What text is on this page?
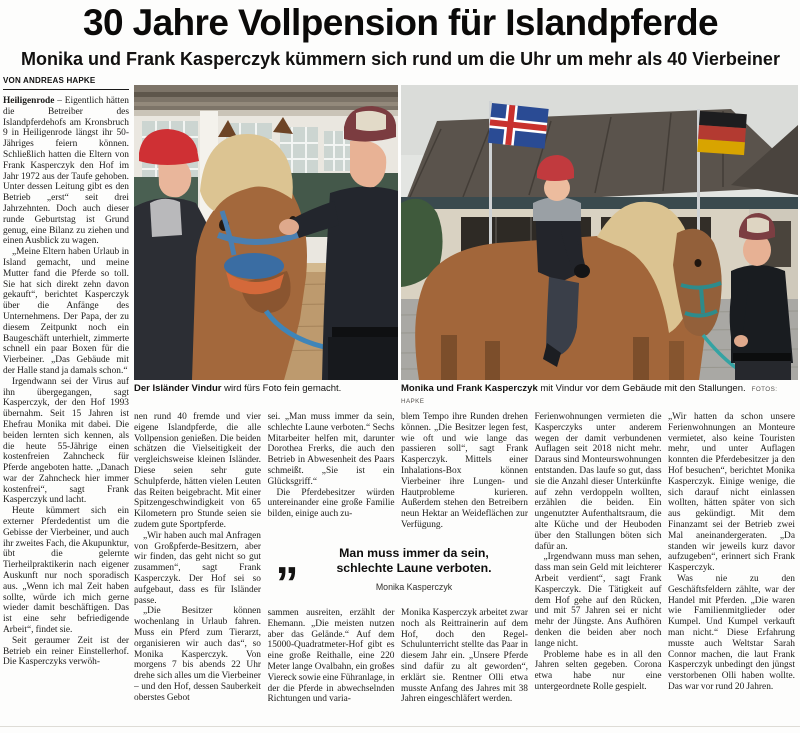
30 Jahre Vollpension für Islandpferde
Monika und Frank Kasperczyk kümmern sich rund um die Uhr um mehr als 40 Vierbeiner
VON ANDREAS HAPKE

Heiligenrode – Eigentlich hätten die Betreiber des Islandpferdehofs am Kronsbruch 9 in Heiligenrode längst ihr 50-Jähriges feiern können. Schließlich hatten die Eltern von Frank Kasperczyk den Hof im Jahr 1972 aus der Taufe gehoben. Unter dessen Leitung gibt es den Betrieb „erst“ seit drei Jahrzehnten. Doch auch dieser runde Geburtstag ist Grund genug, eine Bilanz zu ziehen und einen Ausblick zu wagen.

„Meine Eltern haben Urlaub in Island gemacht, und meine Mutter fand die Pferde so toll. Sie hat sich direkt zehn davon gekauft“, berichtet Kasperczyk über die Anfänge des Unternehmens. Der Papa, der zu diesem Zeitpunkt noch ein Baugeschäft unterhielt, zimmerte schnell ein paar Boxen für die Vierbeiner. „Das Gebäude mit der Halle stand ja damals schon.“

Irgendwann sei der Virus auf ihn übergegangen, sagt Kasperczyk, der den Hof 1993 übernahm. Seit 15 Jahren ist Ehefrau Monika mit dabei. Die beiden lernten sich kennen, als die heute 55-Jährige einen kostenfreien Zahncheck für Pferde angeboten hatte. „Danach war der Zahncheck hier immer kostenfrei“, sagt Frank Kasperczyk und lacht.

Heute kümmert sich ein externer Pferdedentist um die Gebisse der Vierbeiner, und auch ihr zweites Fach, die Akupunktur, übt die gelernte Tierheilpraktikerin nach eigener Auskunft nur noch sporadisch aus. „Wenn ich mal Zeit haben sollte, würde ich mich gerne wieder damit beschäftigen. Das ist eine sehr befriedigende Arbeit“, findet sie.

Seit geraumer Zeit ist der Betrieb ein reiner Einstellerhof. Die Kasperczyks verwöh-

Der Isländer Vindur wird fürs Foto fein gemacht.	Monika und Frank Kasperczyk mit Vindur vor dem Gebäude mit den Stallungen. FOTOS: HAPKE

nen rund 40 fremde und vier eigene Islandpferde, die alle Vollpension genießen. Die beiden schätzen die Vielseitigkeit der vergleichsweise kleinen Isländer. Diese seien sehr gute Schulpferde, hätten vielen Leuten das Reiten beigebracht. Mit einer Spitzengeschwindigkeit von 65 Kilometern pro Stunde seien sie zudem gute Sportpferde.

„Wir haben auch mal Anfragen von Großpferde-Besitzern, aber wir finden, das geht nicht so gut zusammen“, sagt Frank Kasperczyk. Der Hof sei so aufgebaut, dass es für Isländer passe.

„Die Besitzer können wochenlang in Urlaub fahren. Muss ein Pferd zum Tierarzt, organisieren wir auch das“, so Monika Kasperczyk. Von morgens 7 bis abends 22 Uhr drehe sich alles um die Vierbeiner – und den Hof, dessen Sauberkeit oberstes Gebot

sei. „Man muss immer da sein, schlechte Laune verboten.“ Sechs Mitarbeiter helfen mit, darunter Dorothea Frerks, die auch den Betrieb in Abwesenheit des Paars schmeißt. „Sie ist ein Glücksgriff.“

Die Pferdebesitzer würden untereinander eine große Familie bilden, einige auch zu-

sammen ausreiten, erzählt der Ehemann. „Die meisten nutzen aber das Gelände.“ Auf dem 15000-Quadratmeter-Hof gibt es eine große Reithalle, eine 220 Meter lange Ovalbahn, ein großes Viereck sowie eine Führanlage, in der die Pferde in abwechselnden Richtungen und varia-

blem Tempo ihre Runden drehen können. „Die Besitzer legen fest, wie oft und wie lange das passieren soll“, sagt Frank Kasperczyk. Mittels einer Inhalations-Box können Vierbeiner ihre Lungen- und Hautprobleme kurieren. Außerdem stehen den Betreibern neun Hektar an Weideflächen zur Verfügung.

Monika Kasperczyk arbeitet zwar noch als Reittrainerin auf dem Hof, doch den Regel-Schulunterricht stellte das Paar in diesem Jahr ein. „Unsere Pferde sind dafür zu alt geworden“, erklärt sie. Rentner Olli etwa musste Anfang des Jahres mit 38 Jahren eingeschläfert werden.

Ferienwohnungen vermieten die Kasperczyks unter anderem wegen der damit verbundenen Auflagen seit 2018 nicht mehr. Daraus sind Monteurswohnungen entstanden. Das laufe so gut, dass sie die Anzahl dieser Unterkünfte auf zehn verdoppeln wollten, erzählen die beiden. Ein ungenutzter Aufenthaltsraum, die alte Küche und der Heuboden über den Stallungen böten sich dafür an.

„Irgendwann muss man sehen, dass man sein Geld mit leichterer Arbeit verdient“, sagt Frank Kasperczyk. Die Tätigkeit auf dem Hof gehe auf den Rücken, und mit 57 Jahren sei er nicht mehr der Jüngste. Ans Aufhören denken die beiden aber noch lange nicht.

Probleme habe es in all den Jahren selten gegeben. Corona etwa habe nur eine untergeordnete Rolle gespielt.

„Wir hatten da schon unsere Ferienwohnungen an Monteure vermietet, also keine Touristen mehr, und unter Auflagen konnten die Pferdebesitzer ja den Hof besuchen“, berichtet Monika Kasperczyk. Einige wenige, die sich darauf nicht einlassen wollten, hätten später von sich aus gekündigt. Mit dem Finanzamt sei der Betrieb zwei Mal aneinandergeraten. „Da standen wir jeweils kurz davor aufzugeben“, erinnert sich Frank Kasperczyk.

Was nie zu den Geschäftsfeldern zählte, war der Handel mit Pferden. „Die waren wie Familienmitglieder oder Kumpel. Und Kumpel verkauft man nicht.“ Diese Erfahrung musste auch Weltstar Sarah Connor machen, die laut Frank Kasperczyk unbedingt den jüngst verstorbenen Olli haben wollte. Das war vor rund 20 Jahren.

„	Man muss immer da sein,
schlechte Laune verboten.
Monika Kasperczyk
